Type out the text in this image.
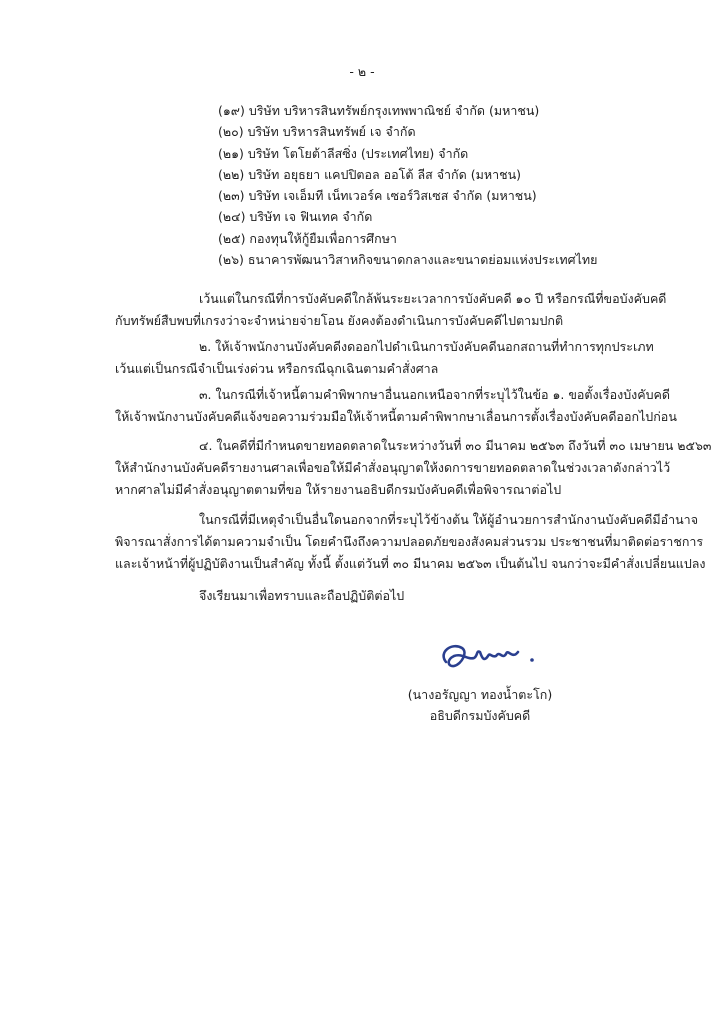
- ๒ -
(๑๙) บริษัท บริหารสินทรัพย์กรุงเทพพาณิชย์ จำกัด (มหาชน)
(๒๐) บริษัท บริหารสินทรัพย์ เจ จำกัด
(๒๑) บริษัท โตโยต้าลีสซิ่ง (ประเทศไทย) จำกัด
(๒๒) บริษัท อยุธยา แคปปิตอล ออโต้ ลีส จำกัด (มหาชน)
(๒๓) บริษัท เจเอ็มที เน็ทเวอร์ค เซอร์วิสเซส จำกัด (มหาชน)
(๒๔) บริษัท เจ ฟินเทค จำกัด
(๒๕) กองทุนให้กู้ยืมเพื่อการศึกษา
(๒๖) ธนาคารพัฒนาวิสาหกิจขนาดกลางและขนาดย่อมแห่งประเทศไทย
เว้นแต่ในกรณีที่การบังคับคดีใกล้พ้นระยะเวลาการบังคับคดี ๑๐ ปี หรือกรณีที่ขอบังคับคดี
กับทรัพย์สืบพบที่เกรงว่าจะจำหน่ายจ่ายโอน ยังคงต้องดำเนินการบังคับคดีไปตามปกติ
๒. ให้เจ้าพนักงานบังคับคดีงดออกไปดำเนินการบังคับคดีนอกสถานที่ทำการทุกประเภท
เว้นแต่เป็นกรณีจำเป็นเร่งด่วน หรือกรณีฉุกเฉินตามคำสั่งศาล
๓. ในกรณีที่เจ้าหนี้ตามคำพิพากษาอื่นนอกเหนือจากที่ระบุไว้ในข้อ ๑. ขอตั้งเรื่องบังคับคดี
ให้เจ้าพนักงานบังคับคดีแจ้งขอความร่วมมือให้เจ้าหนี้ตามคำพิพากษาเลื่อนการตั้งเรื่องบังคับคดีออกไปก่อน
๔. ในคดีที่มีกำหนดขายทอดตลาดในระหว่างวันที่ ๓๐ มีนาคม ๒๕๖๓ ถึงวันที่ ๓๐ เมษายน ๒๕๖๓
ให้สำนักงานบังคับคดีรายงานศาลเพื่อขอให้มีคำสั่งอนุญาตให้งดการขายทอดตลาดในช่วงเวลาดังกล่าวไว้
หากศาลไม่มีคำสั่งอนุญาตตามที่ขอ ให้รายงานอธิบดีกรมบังคับคดีเพื่อพิจารณาต่อไป
ในกรณีที่มีเหตุจำเป็นอื่นใดนอกจากที่ระบุไว้ข้างต้น ให้ผู้อำนวยการสำนักงานบังคับคดีมีอำนาจ
พิจารณาสั่งการได้ตามความจำเป็น โดยคำนึงถึงความปลอดภัยของสังคมส่วนรวม ประชาชนที่มาติดต่อราชการ
และเจ้าหน้าที่ผู้ปฏิบัติงานเป็นสำคัญ ทั้งนี้ ตั้งแต่วันที่ ๓๐ มีนาคม ๒๕๖๓ เป็นต้นไป จนกว่าจะมีคำสั่งเปลี่ยนแปลง
จึงเรียนมาเพื่อทราบและถือปฏิบัติต่อไป
(นางอรัญญา ทองน้ำตะโก)
อธิบดีกรมบังคับคดี
